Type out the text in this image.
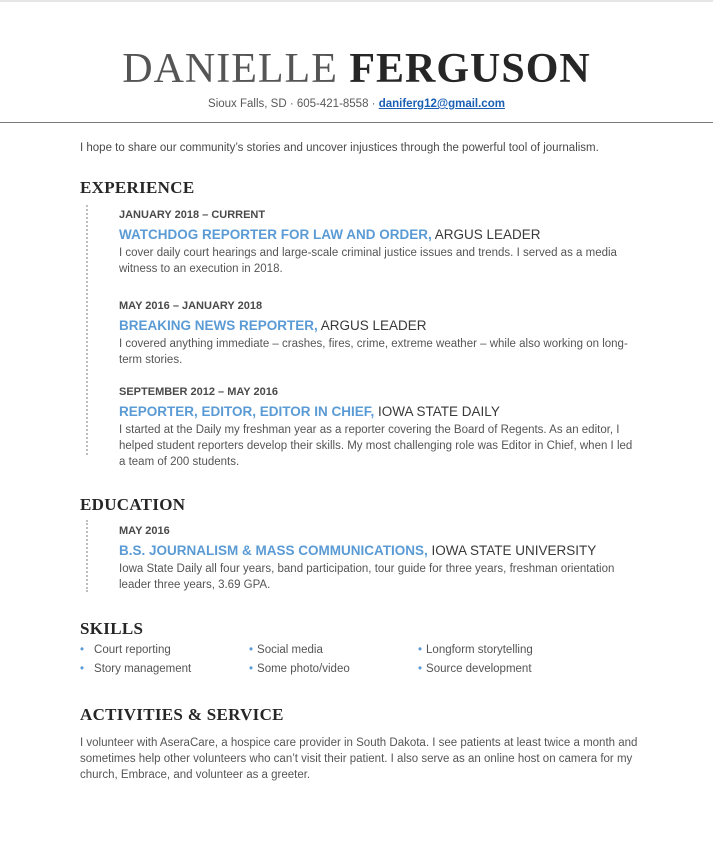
DANIELLE FERGUSON
Sioux Falls, SD · 605-421-8558 · daniferg12@gmail.com
I hope to share our community’s stories and uncover injustices through the powerful tool of journalism.
EXPERIENCE
JANUARY 2018 – CURRENT
WATCHDOG REPORTER FOR LAW AND ORDER, ARGUS LEADER
I cover daily court hearings and large-scale criminal justice issues and trends. I served as a media witness to an execution in 2018.
MAY 2016 – JANUARY 2018
BREAKING NEWS REPORTER, ARGUS LEADER
I covered anything immediate – crashes, fires, crime, extreme weather – while also working on long-term stories.
SEPTEMBER 2012 – MAY 2016
REPORTER, EDITOR, EDITOR IN CHIEF, IOWA STATE DAILY
I started at the Daily my freshman year as a reporter covering the Board of Regents. As an editor, I helped student reporters develop their skills. My most challenging role was Editor in Chief, when I led a team of 200 students.
EDUCATION
MAY 2016
B.S. JOURNALISM & MASS COMMUNICATIONS, IOWA STATE UNIVERSITY
Iowa State Daily all four years, band participation, tour guide for three years, freshman orientation leader three years, 3.69 GPA.
SKILLS
• Court reporting
• Story management
• Social media
• Some photo/video
• Longform storytelling
• Source development
ACTIVITIES & SERVICE
I volunteer with AseraCare, a hospice care provider in South Dakota. I see patients at least twice a month and sometimes help other volunteers who can’t visit their patient. I also serve as an online host on camera for my church, Embrace, and volunteer as a greeter.
